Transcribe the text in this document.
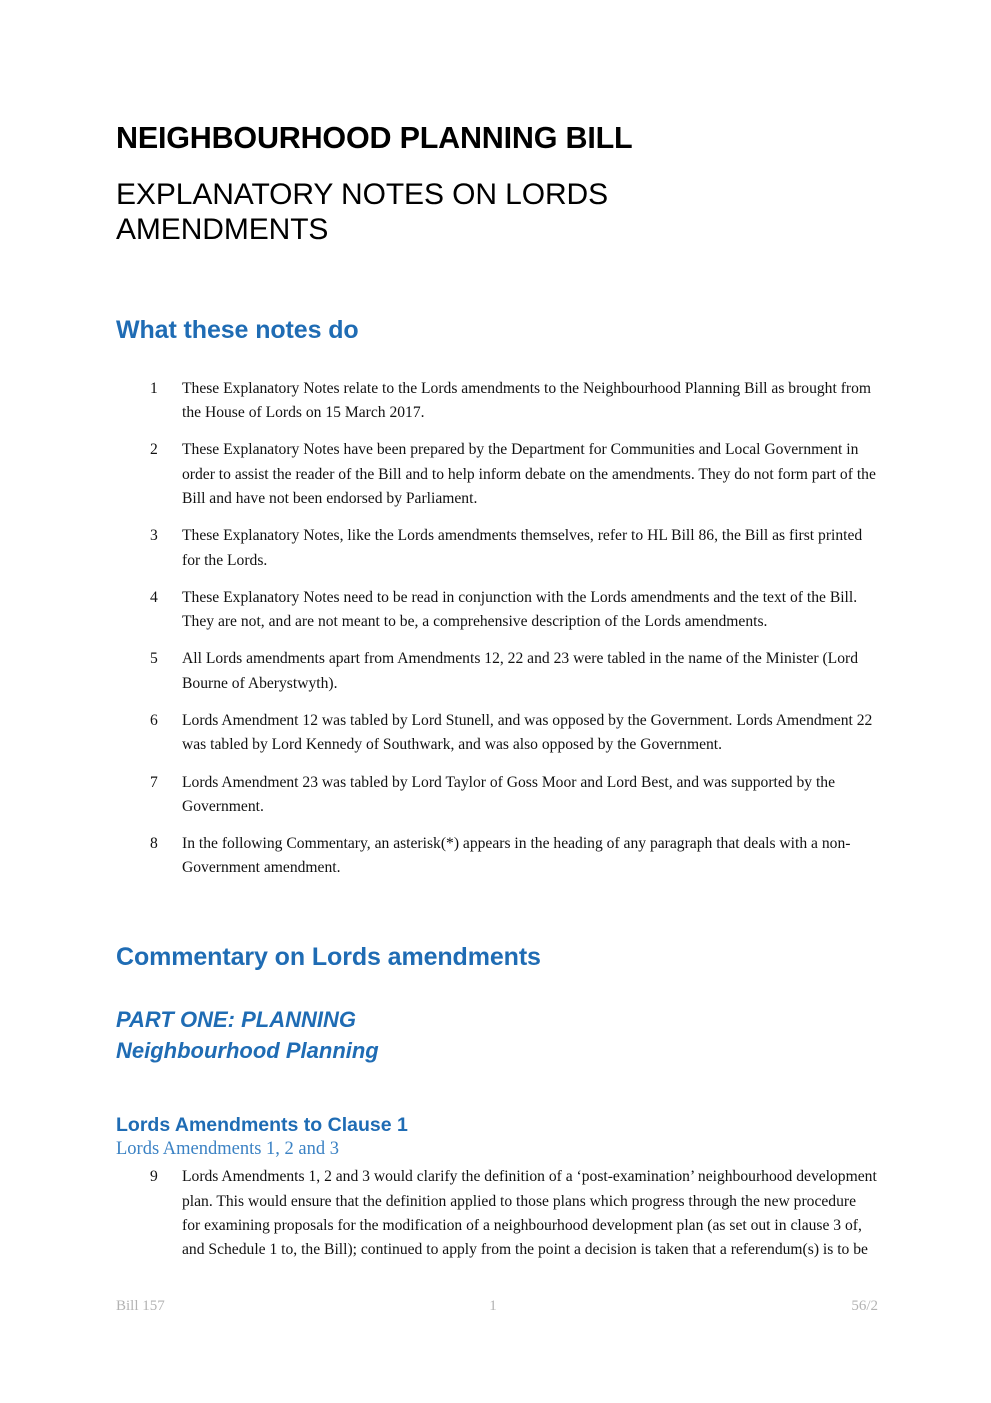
NEIGHBOURHOOD PLANNING BILL
EXPLANATORY NOTES ON LORDS AMENDMENTS
What these notes do
1	These Explanatory Notes relate to the Lords amendments to the Neighbourhood Planning Bill as brought from the House of Lords on 15 March 2017.
2	These Explanatory Notes have been prepared by the Department for Communities and Local Government in order to assist the reader of the Bill and to help inform debate on the amendments. They do not form part of the Bill and have not been endorsed by Parliament.
3	These Explanatory Notes, like the Lords amendments themselves, refer to HL Bill 86, the Bill as first printed for the Lords.
4	These Explanatory Notes need to be read in conjunction with the Lords amendments and the text of the Bill. They are not, and are not meant to be, a comprehensive description of the Lords amendments.
5	All Lords amendments apart from Amendments 12, 22 and 23 were tabled in the name of the Minister (Lord Bourne of Aberystwyth).
6	Lords Amendment 12 was tabled by Lord Stunell, and was opposed by the Government. Lords Amendment 22 was tabled by Lord Kennedy of Southwark, and was also opposed by the Government.
7	Lords Amendment 23 was tabled by Lord Taylor of Goss Moor and Lord Best, and was supported by the Government.
8	In the following Commentary, an asterisk(*) appears in the heading of any paragraph that deals with a non-Government amendment.
Commentary on Lords amendments
PART ONE: PLANNING
Neighbourhood Planning
Lords Amendments to Clause 1
Lords Amendments 1, 2 and 3
9	Lords Amendments 1, 2 and 3 would clarify the definition of a ‘post-examination’ neighbourhood development plan. This would ensure that the definition applied to those plans which progress through the new procedure for examining proposals for the modification of a neighbourhood development plan (as set out in clause 3 of, and Schedule 1 to, the Bill); continued to apply from the point a decision is taken that a referendum(s) is to be
Bill 157	1	56/2
